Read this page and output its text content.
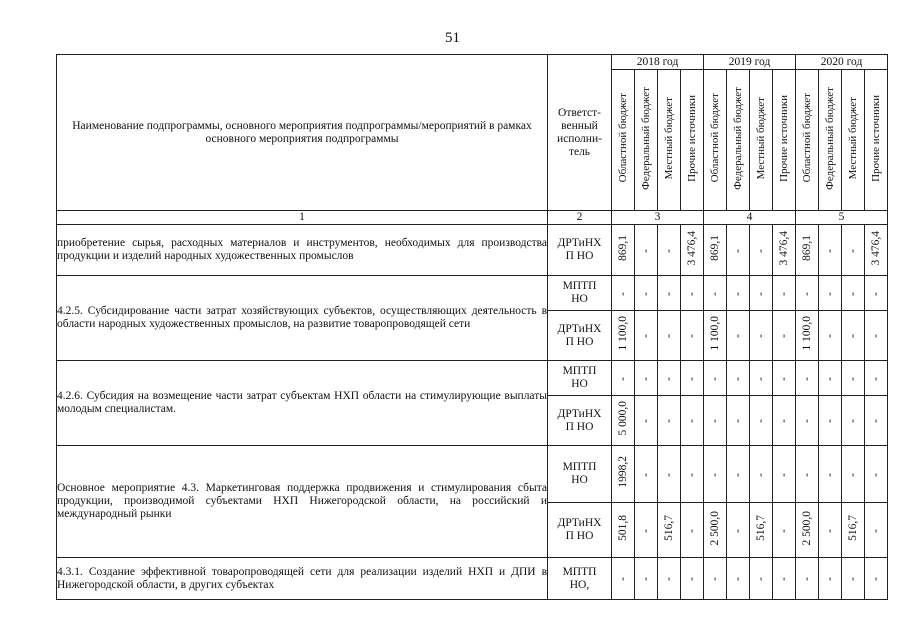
51
Наименование подпрограммы, основного мероприятия подпрограммы/мероприятий в рамках основного мероприятия подпрограммы	Ответст-
венный
исполни-
тель	2018 год				2019 год				2020 год			
		Областной бюджет	Федеральный бюджет	Местный бюджет	Прочие источники	Областной бюджет	Федеральный бюджет	Местный бюджет	Прочие источники	Областной бюджет	Федеральный бюджет	Местный бюджет	Прочие источники
1	2	3				4				5			
приобретение сырья, расходных материалов и инструментов, необходимых для производства продукции и изделий народных художественных промыслов	ДРТиНХ
П НО	869,1	-	-	3 476,4	869,1	-	-	3 476,4	869,1	-	-	3 476,4
4.2.5. Субсидирование части затрат хозяйствующих субъектов, осуществляющих деятельность в области народных художественных промыслов, на развитие товаропроводящей сети	МПТП
НО	-	-	-	-	-	-	-	-	-	-	-	-
	ДРТиНХ
П НО	1 100,0	-	-	-	1 100,0	-	-	-	1 100,0	-	-	-
4.2.6. Субсидия на возмещение части затрат субъектам НХП области на стимулирующие выплаты молодым специалистам.	МПТП
НО	-	-	-	-	-	-	-	-	-	-	-	-
	ДРТиНХ
П НО	5 000,0	-	-	-	-	-	-	-	-	-	-	-
Основное мероприятие 4.3. Маркетинговая поддержка продвижения и стимулирования сбыта продукции, производимой субъектами НХП Нижегородской области, на российский и международный рынки	МПТП
НО	1998,2	-	-	-	-	-	-	-	-	-	-	-
	ДРТиНХ
П НО	501,8	-	516,7	-	2 500,0	-	516,7	-	2 500,0	-	516,7	-
4.3.1. Создание эффективной товаропроводящей сети для реализации изделий НХП и ДПИ в Нижегородской области, в других субъектах	МПТП
НО,	-	-	-	-	-	-	-	-	-	-	-	-
